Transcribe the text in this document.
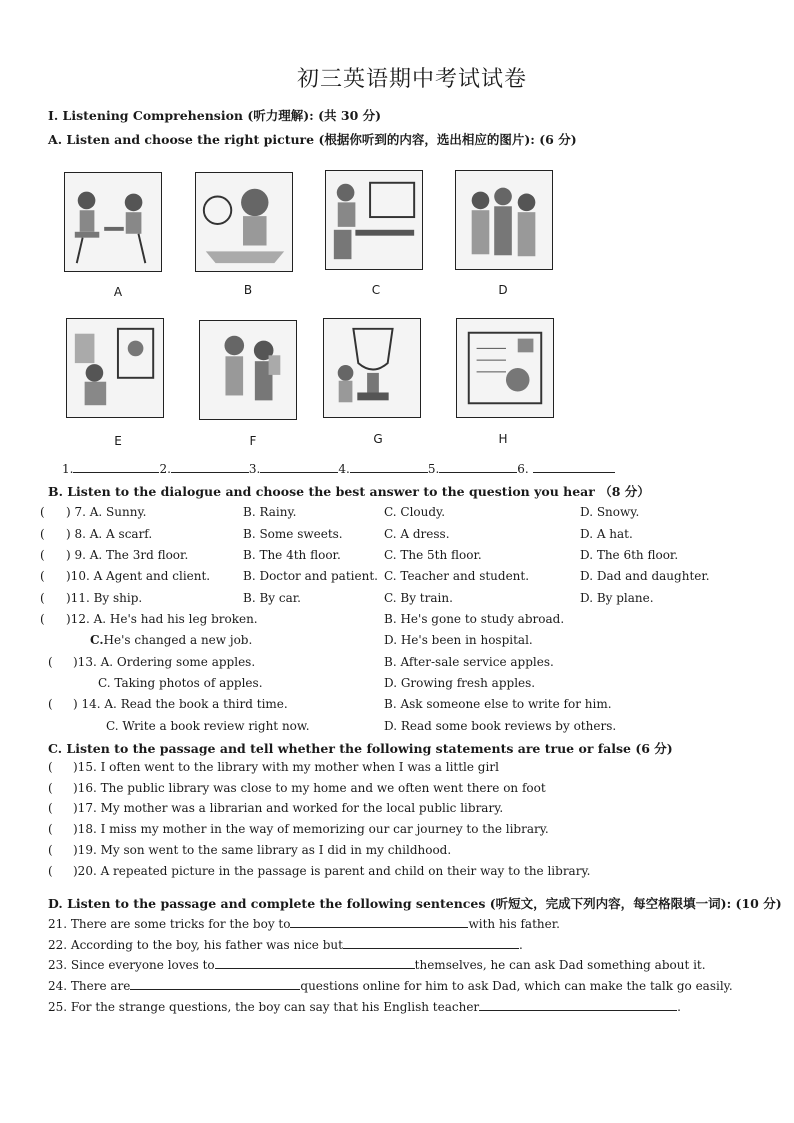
初三英语期中考试试卷
I. Listening Comprehension (听力理解): (共 30 分)
A. Listen and choose the right picture (根据你听到的内容，选出相应的图片): (6 分)
A	B	C	D
E	F	G	H
1.	2.	3.	4.	5.	6.
B. Listen to the dialogue and choose the best answer to the question you hear （8 分）
( ) 7. A. Sunny.	B. Rainy.	C. Cloudy.	D. Snowy.
( ) 8. A. A scarf.	B. Some sweets.	C. A dress.	D. A hat.
( ) 9. A. The 3rd floor.	B. The 4th floor.	C. The 5th floor.	D. The 6th floor.
( )10. A Agent and client.	B. Doctor and patient. C. Teacher and student.	D. Dad and daughter.
( )11. By ship.	B. By car.	C. By train.	D. By plane.
( )12. A. He's had his leg broken.	B. He's gone to study abroad.
C.He's changed a new job.	D. He's been in hospital.
( )13. A. Ordering some apples.	B. After-sale service apples.
C. Taking photos of apples.	D. Growing fresh apples.
( ) 14. A. Read the book a third time.	B. Ask someone else to write for him.
C. Write a book review right now.	D. Read some book reviews by others.
C. Listen to the passage and tell whether the following statements are true or false (6 分)
( )15. I often went to the library with my mother when I was a little girl
( )16. The public library was close to my home and we often went there on foot
( )17. My mother was a librarian and worked for the local public library.
( )18. I miss my mother in the way of memorizing our car journey to the library.
( )19. My son went to the same library as I did in my childhood.
( )20. A repeated picture in the passage is parent and child on their way to the library.
D. Listen to the passage and complete the following sentences (听短文，完成下列内容，每空格限填一词): (10 分)
21. There are some tricks for the boy to	with his father.
22. According to the boy, his father was nice but	.
23. Since everyone loves to	themselves, he can ask Dad something about it.
24. There are	questions online for him to ask Dad, which can make the talk go easily.
25. For the strange questions, the boy can say that his English teacher	.
